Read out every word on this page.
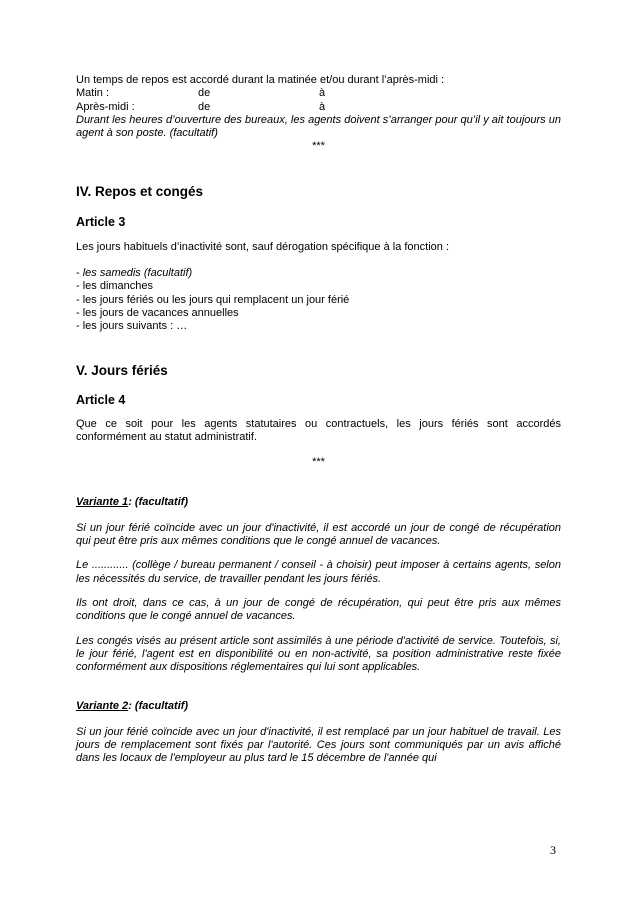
Un temps de repos est accordé durant la matinée et/ou durant l’après-midi :

Matin :	de	à
Après-midi :	de	à

Durant les heures d’ouverture des bureaux, les agents doivent s’arranger pour qu’il y ait toujours un agent à son poste. (facultatif)

***

IV. Repos et congés
Article 3

Les jours habituels d’inactivité sont, sauf dérogation spécifique à la fonction :

- les samedis (facultatif)

- les dimanches

- les jours fériés ou les jours qui remplacent un jour férié

- les jours de vacances annuelles

- les jours suivants : …

V. Jours fériés
Article 4

Que ce soit pour les agents statutaires ou contractuels, les jours fériés sont accordés conformément au statut administratif.

***

Variante 1: (facultatif)

Si un jour férié coïncide avec un jour d'inactivité, il est accordé un jour de congé de récupération qui peut être pris aux mêmes conditions que le congé annuel de vacances.

Le ............ (collège / bureau permanent / conseil - à choisir) peut imposer à certains agents, selon les nécessités du service, de travailler pendant les jours fériés.

Ils ont droit, dans ce cas, à un jour de congé de récupération, qui peut être pris aux mêmes conditions que le congé annuel de vacances.

Les congés visés au présent article sont assimilés à une période d'activité de service. Toutefois, si, le jour férié, l'agent est en disponibilité ou en non-activité, sa position administrative reste fixée conformément aux dispositions réglementaires qui lui sont applicables.

Variante 2: (facultatif)

Si un jour férié coïncide avec un jour d'inactivité, il est remplacé par un jour habituel de travail. Les jours de remplacement sont fixés par l'autorité. Ces jours sont communiqués par un avis affiché dans les locaux de l'employeur au plus tard le 15 décembre de l'année qui

3
